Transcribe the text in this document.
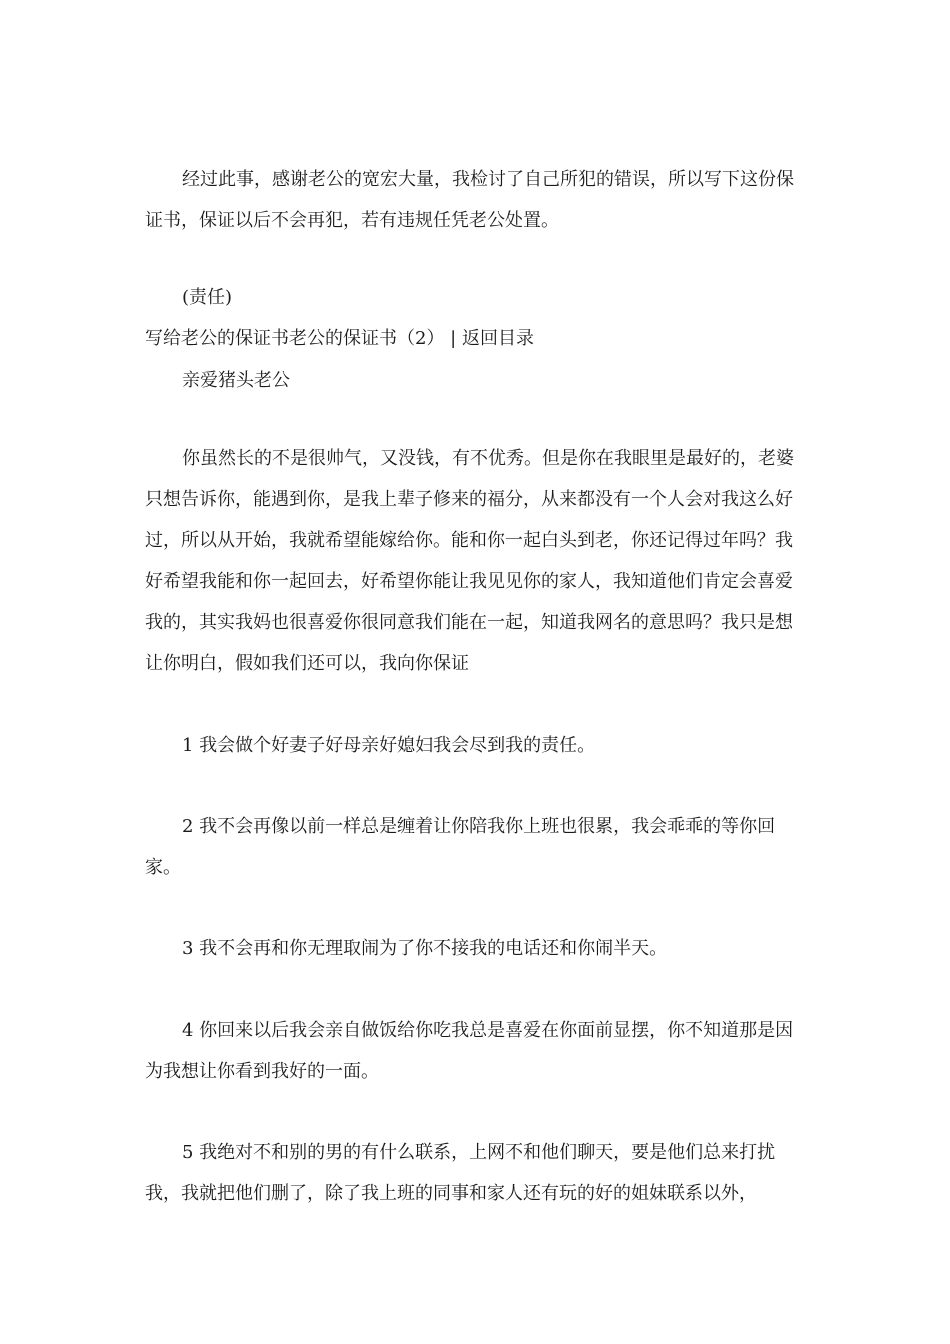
经过此事，感谢老公的宽宏大量，我检讨了自己所犯的错误，所以写下这份保证书，保证以后不会再犯，若有违规任凭老公处置。

(责任)

写给老公的保证书老公的保证书（2） | 返回目录

亲爱猪头老公

你虽然长的不是很帅气，又没钱，有不优秀。但是你在我眼里是最好的，老婆只想告诉你，能遇到你，是我上辈子修来的福分，从来都没有一个人会对我这么好过，所以从开始，我就希望能嫁给你。能和你一起白头到老，你还记得过年吗？我好希望我能和你一起回去，好希望你能让我见见你的家人，我知道他们肯定会喜爱我的，其实我妈也很喜爱你很同意我们能在一起，知道我网名的意思吗？我只是想让你明白，假如我们还可以，我向你保证

1 我会做个好妻子好母亲好媳妇我会尽到我的责任。

2 我不会再像以前一样总是缠着让你陪我你上班也很累，我会乖乖的等你回家。

3 我不会再和你无理取闹为了你不接我的电话还和你闹半天。

4 你回来以后我会亲自做饭给你吃我总是喜爱在你面前显摆，你不知道那是因为我想让你看到我好的一面。

5 我绝对不和别的男的有什么联系，上网不和他们聊天，要是他们总来打扰我，我就把他们删了，除了我上班的同事和家人还有玩的好的姐妹联系以外，
